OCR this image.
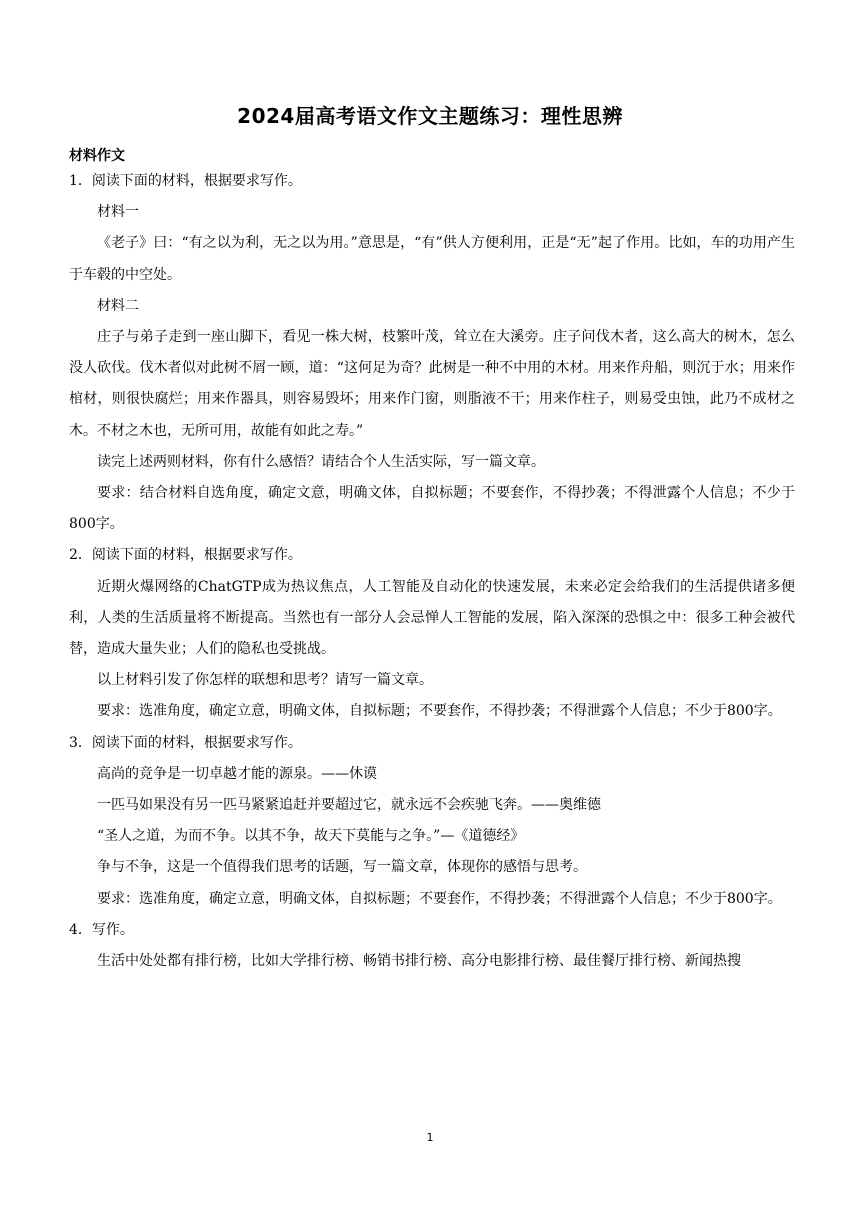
2024届高考语文作文主题练习：理性思辨
材料作文

1．阅读下面的材料，根据要求写作。

材料一

《老子》曰：“有之以为利，无之以为用。”意思是，“有”供人方便利用，正是“无”起了作用。比如，车的功用产生于车毂的中空处。

材料二

庄子与弟子走到一座山脚下，看见一株大树，枝繁叶茂，耸立在大溪旁。庄子问伐木者，这么高大的树木，怎么没人砍伐。伐木者似对此树不屑一顾，道：“这何足为奇？此树是一种不中用的木材。用来作舟船，则沉于水；用来作棺材，则很快腐烂；用来作器具，则容易毁坏；用来作门窗，则脂液不干；用来作柱子，则易受虫蚀，此乃不成材之木。不材之木也，无所可用，故能有如此之寿。”

读完上述两则材料，你有什么感悟？请结合个人生活实际，写一篇文章。

要求：结合材料自选角度，确定文意，明确文体，自拟标题；不要套作，不得抄袭；不得泄露个人信息；不少于800字。

2．阅读下面的材料，根据要求写作。

近期火爆网络的ChatGTP成为热议焦点，人工智能及自动化的快速发展，未来必定会给我们的生活提供诸多便利，人类的生活质量将不断提高。当然也有一部分人会忌惮人工智能的发展，陷入深深的恐惧之中：很多工种会被代替，造成大量失业；人们的隐私也受挑战。

以上材料引发了你怎样的联想和思考？请写一篇文章。

要求：选准角度，确定立意，明确文体，自拟标题；不要套作，不得抄袭；不得泄露个人信息；不少于800字。

3．阅读下面的材料，根据要求写作。

高尚的竞争是一切卓越才能的源泉。——休谟

一匹马如果没有另一匹马紧紧追赶并要超过它，就永远不会疾驰飞奔。——奥维德

“圣人之道，为而不争。以其不争，故天下莫能与之争。”—《道德经》

争与不争，这是一个值得我们思考的话题，写一篇文章，体现你的感悟与思考。

要求：选准角度，确定立意，明确文体，自拟标题；不要套作，不得抄袭；不得泄露个人信息；不少于800字。

4．写作。

生活中处处都有排行榜，比如大学排行榜、畅销书排行榜、高分电影排行榜、最佳餐厅排行榜、新闻热搜

1
